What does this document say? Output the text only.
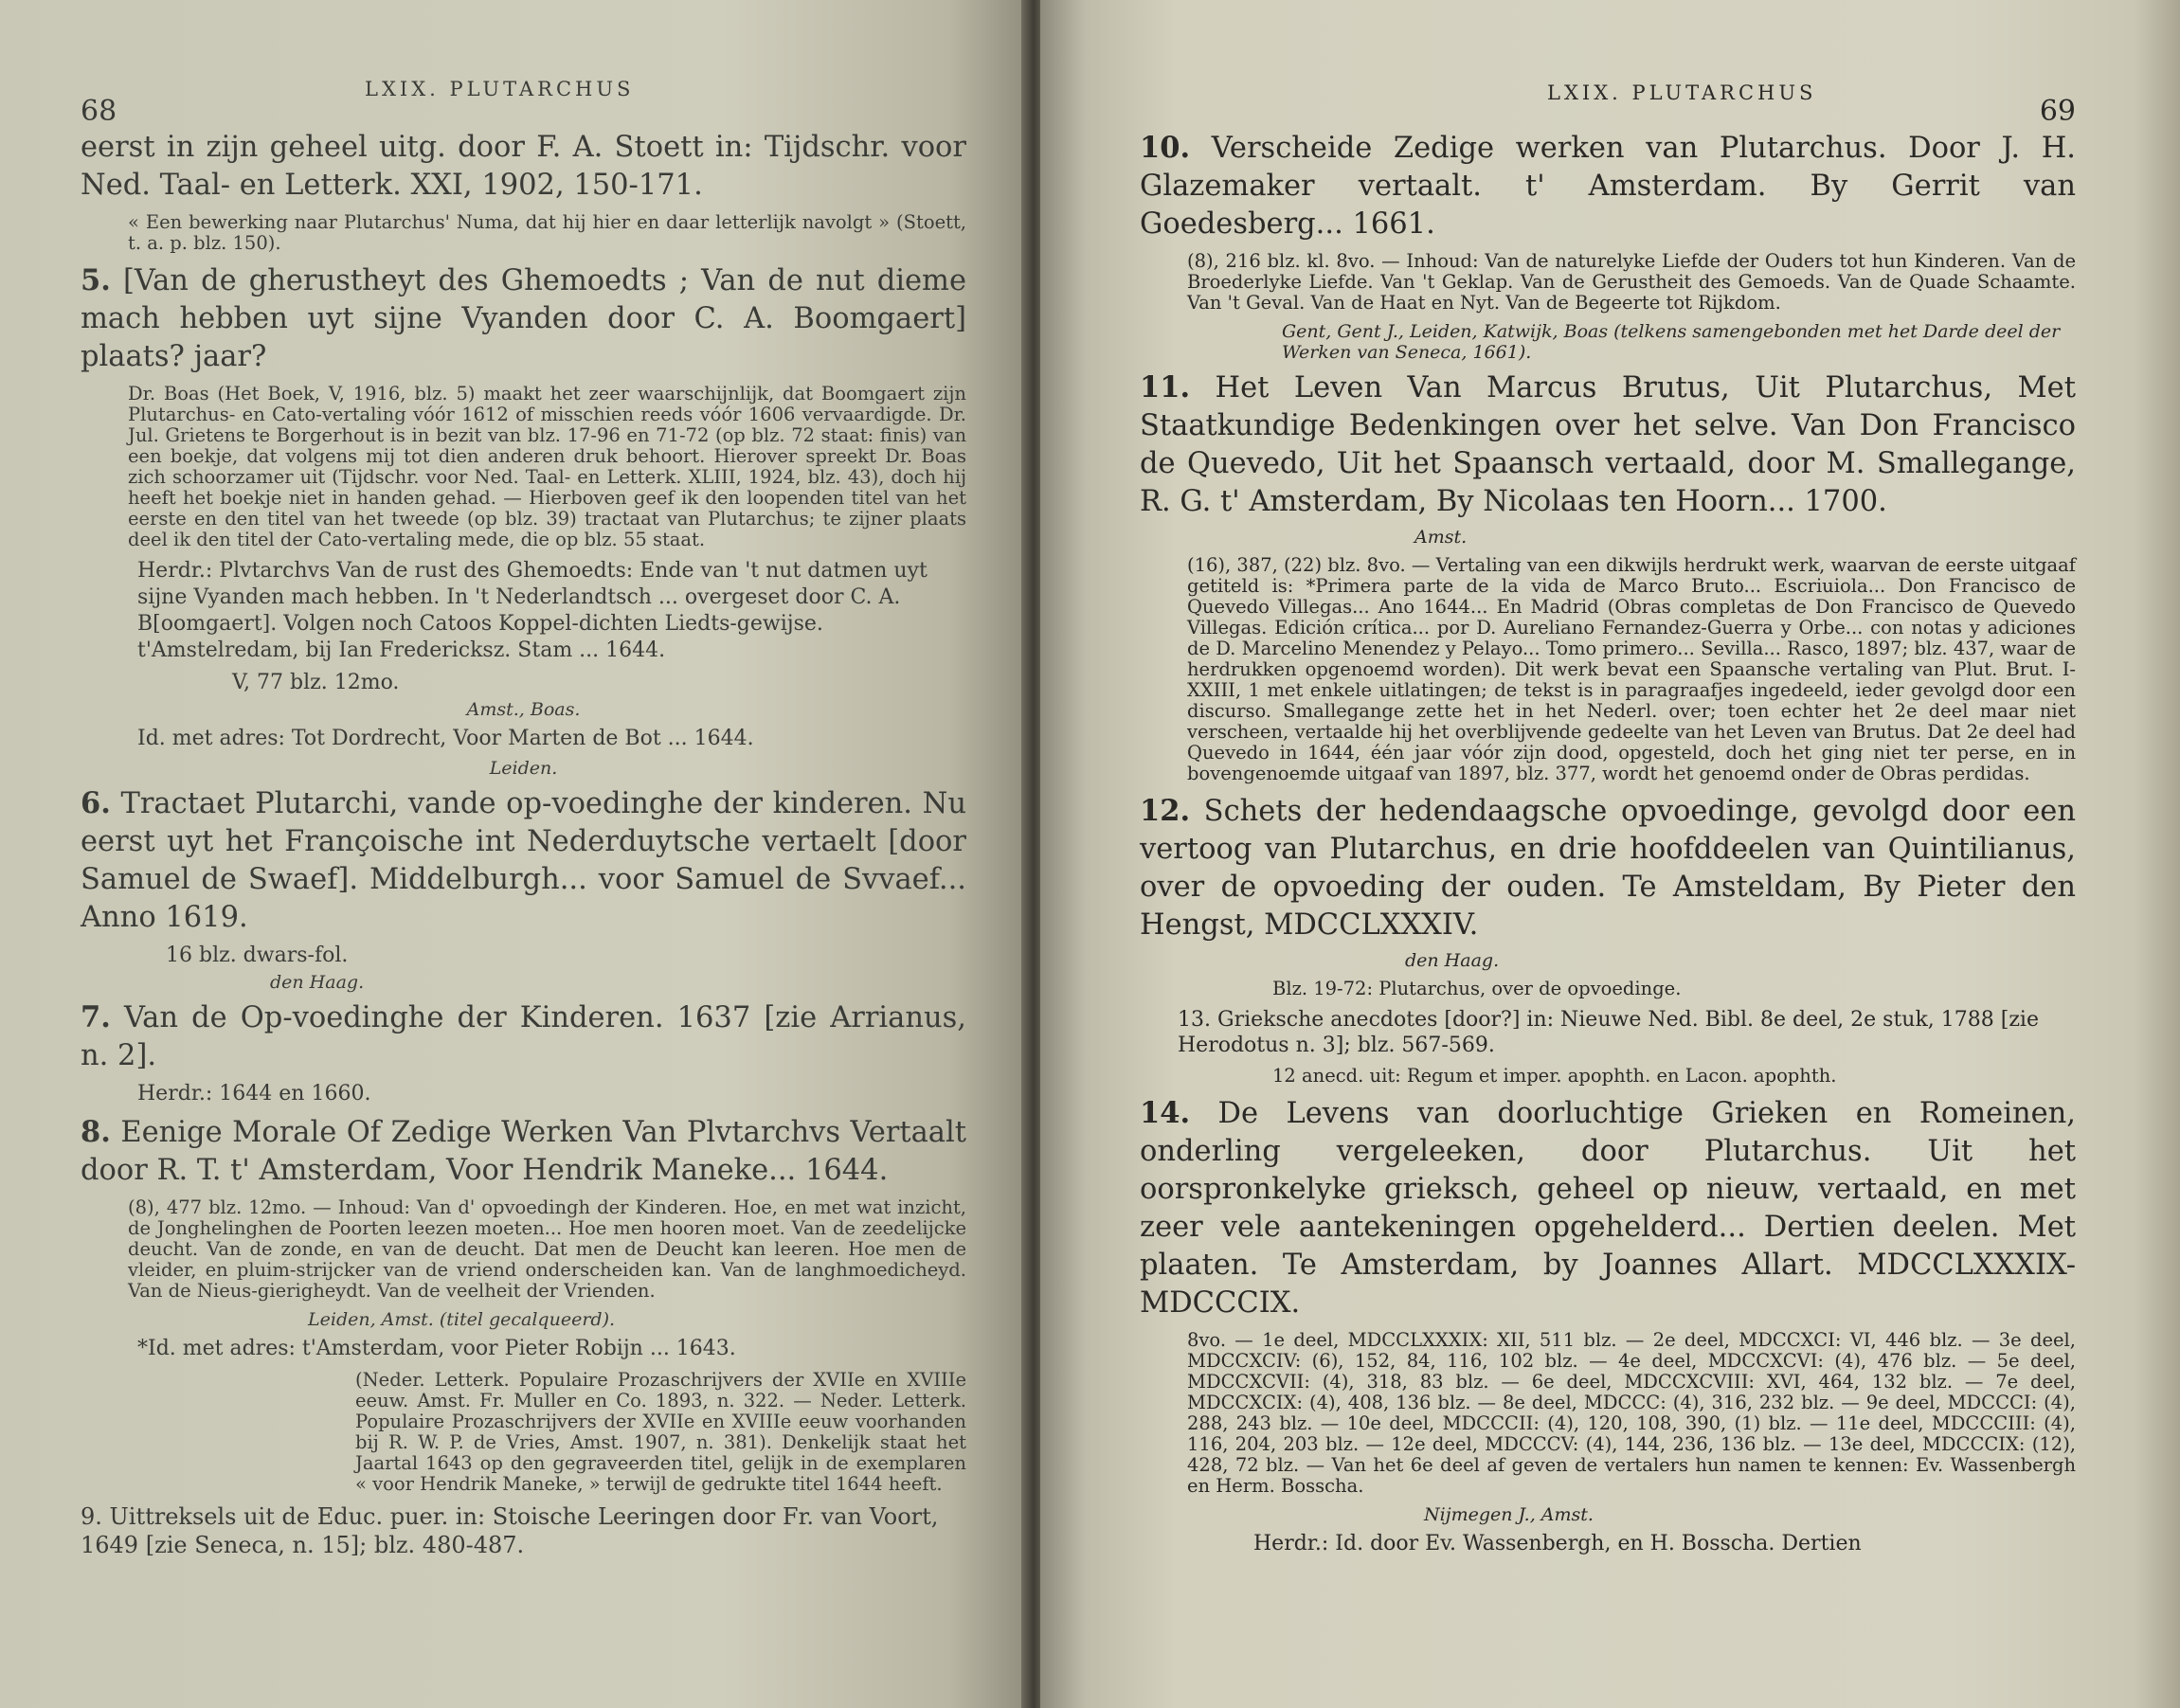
68
LXIX. PLUTARCHUS
eerst in zijn geheel uitg. door F. A. Stoett in: Tijdschr. voor Ned. Taal- en Letterk. XXI, 1902, 150-171.
« Een bewerking naar Plutarchus' Numa, dat hij hier en daar letterlijk navolgt » (Stoett, t. a. p. blz. 150).
5. [Van de gherustheyt des Ghemoedts ; Van de nut dieme mach hebben uyt sijne Vyanden door C. A. Boomgaert] plaats? jaar?
Dr. Boas (Het Boek, V, 1916, blz. 5) maakt het zeer waarschijnlijk, dat Boomgaert zijn Plutarchus- en Cato-vertaling vóór 1612 of misschien reeds vóór 1606 vervaardigde. Dr. Jul. Grietens te Borgerhout is in bezit van blz. 17-96 en 71-72 (op blz. 72 staat: finis) van een boekje, dat volgens mij tot dien anderen druk behoort. Hierover spreekt Dr. Boas zich schoorzamer uit (Tijdschr. voor Ned. Taal- en Letterk. XLIII, 1924, blz. 43), doch hij heeft het boekje niet in handen gehad. — Hierboven geef ik den loopenden titel van het eerste en den titel van het tweede (op blz. 39) tractaat van Plutarchus; te zijner plaats deel ik den titel der Cato-vertaling mede, die op blz. 55 staat.
Herdr.: Plvtarchvs Van de rust des Ghemoedts: Ende van 't nut datmen uyt sijne Vyanden mach hebben. In 't Nederlandtsch ... overgeset door C. A. B[oomgaert]. Volgen noch Catoos Koppel-dichten Liedts-gewijse. t'Amstelredam, bij Ian Fredericksz. Stam ... 1644.
V, 77 blz. 12mo.
Amst., Boas.
Id. met adres: Tot Dordrecht, Voor Marten de Bot ... 1644.
Leiden.
6. Tractaet Plutarchi, vande op-voedinghe der kinderen. Nu eerst uyt het Françoische int Nederduytsche vertaelt [door Samuel de Swaef]. Middelburgh... voor Samuel de Svvaef... Anno 1619.
16 blz. dwars-fol.
den Haag.
7. Van de Op-voedinghe der Kinderen. 1637 [zie Arrianus, n. 2].
Herdr.: 1644 en 1660.
8. Eenige Morale Of Zedige Werken Van Plvtarchvs Vertaalt door R. T. t' Amsterdam, Voor Hendrik Maneke... 1644.
(8), 477 blz. 12mo. — Inhoud: Van d' opvoedingh der Kinderen. Hoe, en met wat inzicht, de Jonghelinghen de Poorten leezen moeten... Hoe men hooren moet. Van de zeedelijcke deucht. Van de zonde, en van de deucht. Dat men de Deucht kan leeren. Hoe men de vleider, en pluim-strijcker van de vriend onderscheiden kan. Van de langhmoedicheyd. Van de Nieus-gierigheydt. Van de veelheit der Vrienden.
Leiden, Amst. (titel gecalqueerd).
*Id. met adres: t'Amsterdam, voor Pieter Robijn ... 1643.
(Neder. Letterk. Populaire Prozaschrijvers der XVIIe en XVIIIe eeuw. Amst. Fr. Muller en Co. 1893, n. 322. — Neder. Letterk. Populaire Prozaschrijvers der XVIIe en XVIIIe eeuw voorhanden bij R. W. P. de Vries, Amst. 1907, n. 381). Denkelijk staat het Jaartal 1643 op den gegraveerden titel, gelijk in de exemplaren « voor Hendrik Maneke, » terwijl de gedrukte titel 1644 heeft.
9. Uittreksels uit de Educ. puer. in: Stoische Leeringen door Fr. van Voort, 1649 [zie Seneca, n. 15]; blz. 480-487.
LXIX. PLUTARCHUS
69
10. Verscheide Zedige werken van Plutarchus. Door J. H. Glazemaker vertaalt. t' Amsterdam. By Gerrit van Goedesberg... 1661.
(8), 216 blz. kl. 8vo. — Inhoud: Van de naturelyke Liefde der Ouders tot hun Kinderen. Van de Broederlyke Liefde. Van 't Geklap. Van de Gerustheit des Gemoeds. Van de Quade Schaamte. Van 't Geval. Van de Haat en Nyt. Van de Begeerte tot Rijkdom.
Gent, Gent J., Leiden, Katwijk, Boas (telkens samengebonden met het Darde deel der Werken van Seneca, 1661).
11. Het Leven Van Marcus Brutus, Uit Plutarchus, Met Staatkundige Bedenkingen over het selve. Van Don Francisco de Quevedo, Uit het Spaansch vertaald, door M. Smallegange, R. G. t' Amsterdam, By Nicolaas ten Hoorn... 1700.
Amst.
(16), 387, (22) blz. 8vo. — Vertaling van een dikwijls herdrukt werk, waarvan de eerste uitgaaf getiteld is: *Primera parte de la vida de Marco Bruto... Escriuiola... Don Francisco de Quevedo Villegas... Ano 1644... En Madrid (Obras completas de Don Francisco de Quevedo Villegas. Edición crítica... por D. Aureliano Fernandez-Guerra y Orbe... con notas y adiciones de D. Marcelino Menendez y Pelayo... Tomo primero... Sevilla... Rasco, 1897; blz. 437, waar de herdrukken opgenoemd worden). Dit werk bevat een Spaansche vertaling van Plut. Brut. I-XXIII, 1 met enkele uitlatingen; de tekst is in paragraafjes ingedeeld, ieder gevolgd door een discurso. Smallegange zette het in het Nederl. over; toen echter het 2e deel maar niet verscheen, vertaalde hij het overblijvende gedeelte van het Leven van Brutus. Dat 2e deel had Quevedo in 1644, één jaar vóór zijn dood, opgesteld, doch het ging niet ter perse, en in bovengenoemde uitgaaf van 1897, blz. 377, wordt het genoemd onder de Obras perdidas.
12. Schets der hedendaagsche opvoedinge, gevolgd door een vertoog van Plutarchus, en drie hoofddeelen van Quintilianus, over de opvoeding der ouden. Te Amsteldam, By Pieter den Hengst, MDCCLXXXIV.
den Haag.
Blz. 19-72: Plutarchus, over de opvoedinge.
13. Grieksche anecdotes [door?] in: Nieuwe Ned. Bibl. 8e deel, 2e stuk, 1788 [zie Herodotus n. 3]; blz. 567-569.
12 anecd. uit: Regum et imper. apophth. en Lacon. apophth.
14. De Levens van doorluchtige Grieken en Romeinen, onderling vergeleeken, door Plutarchus. Uit het oorspronkelyke grieksch, geheel op nieuw, vertaald, en met zeer vele aantekeningen opgehelderd... Dertien deelen. Met plaaten. Te Amsterdam, by Joannes Allart. MDCCLXXXIX-MDCCCIX.
8vo. — 1e deel, MDCCLXXXIX: XII, 511 blz. — 2e deel, MDCCXCI: VI, 446 blz. — 3e deel, MDCCXCIV: (6), 152, 84, 116, 102 blz. — 4e deel, MDCCXCVI: (4), 476 blz. — 5e deel, MDCCXCVII: (4), 318, 83 blz. — 6e deel, MDCCXCVIII: XVI, 464, 132 blz. — 7e deel, MDCCXCIX: (4), 408, 136 blz. — 8e deel, MDCCC: (4), 316, 232 blz. — 9e deel, MDCCCI: (4), 288, 243 blz. — 10e deel, MDCCCII: (4), 120, 108, 390, (1) blz. — 11e deel, MDCCCIII: (4), 116, 204, 203 blz. — 12e deel, MDCCCV: (4), 144, 236, 136 blz. — 13e deel, MDCCCIX: (12), 428, 72 blz. — Van het 6e deel af geven de vertalers hun namen te kennen: Ev. Wassenbergh en Herm. Bosscha.
Nijmegen J., Amst.
Herdr.: Id. door Ev. Wassenbergh, en H. Bosscha. Dertien
